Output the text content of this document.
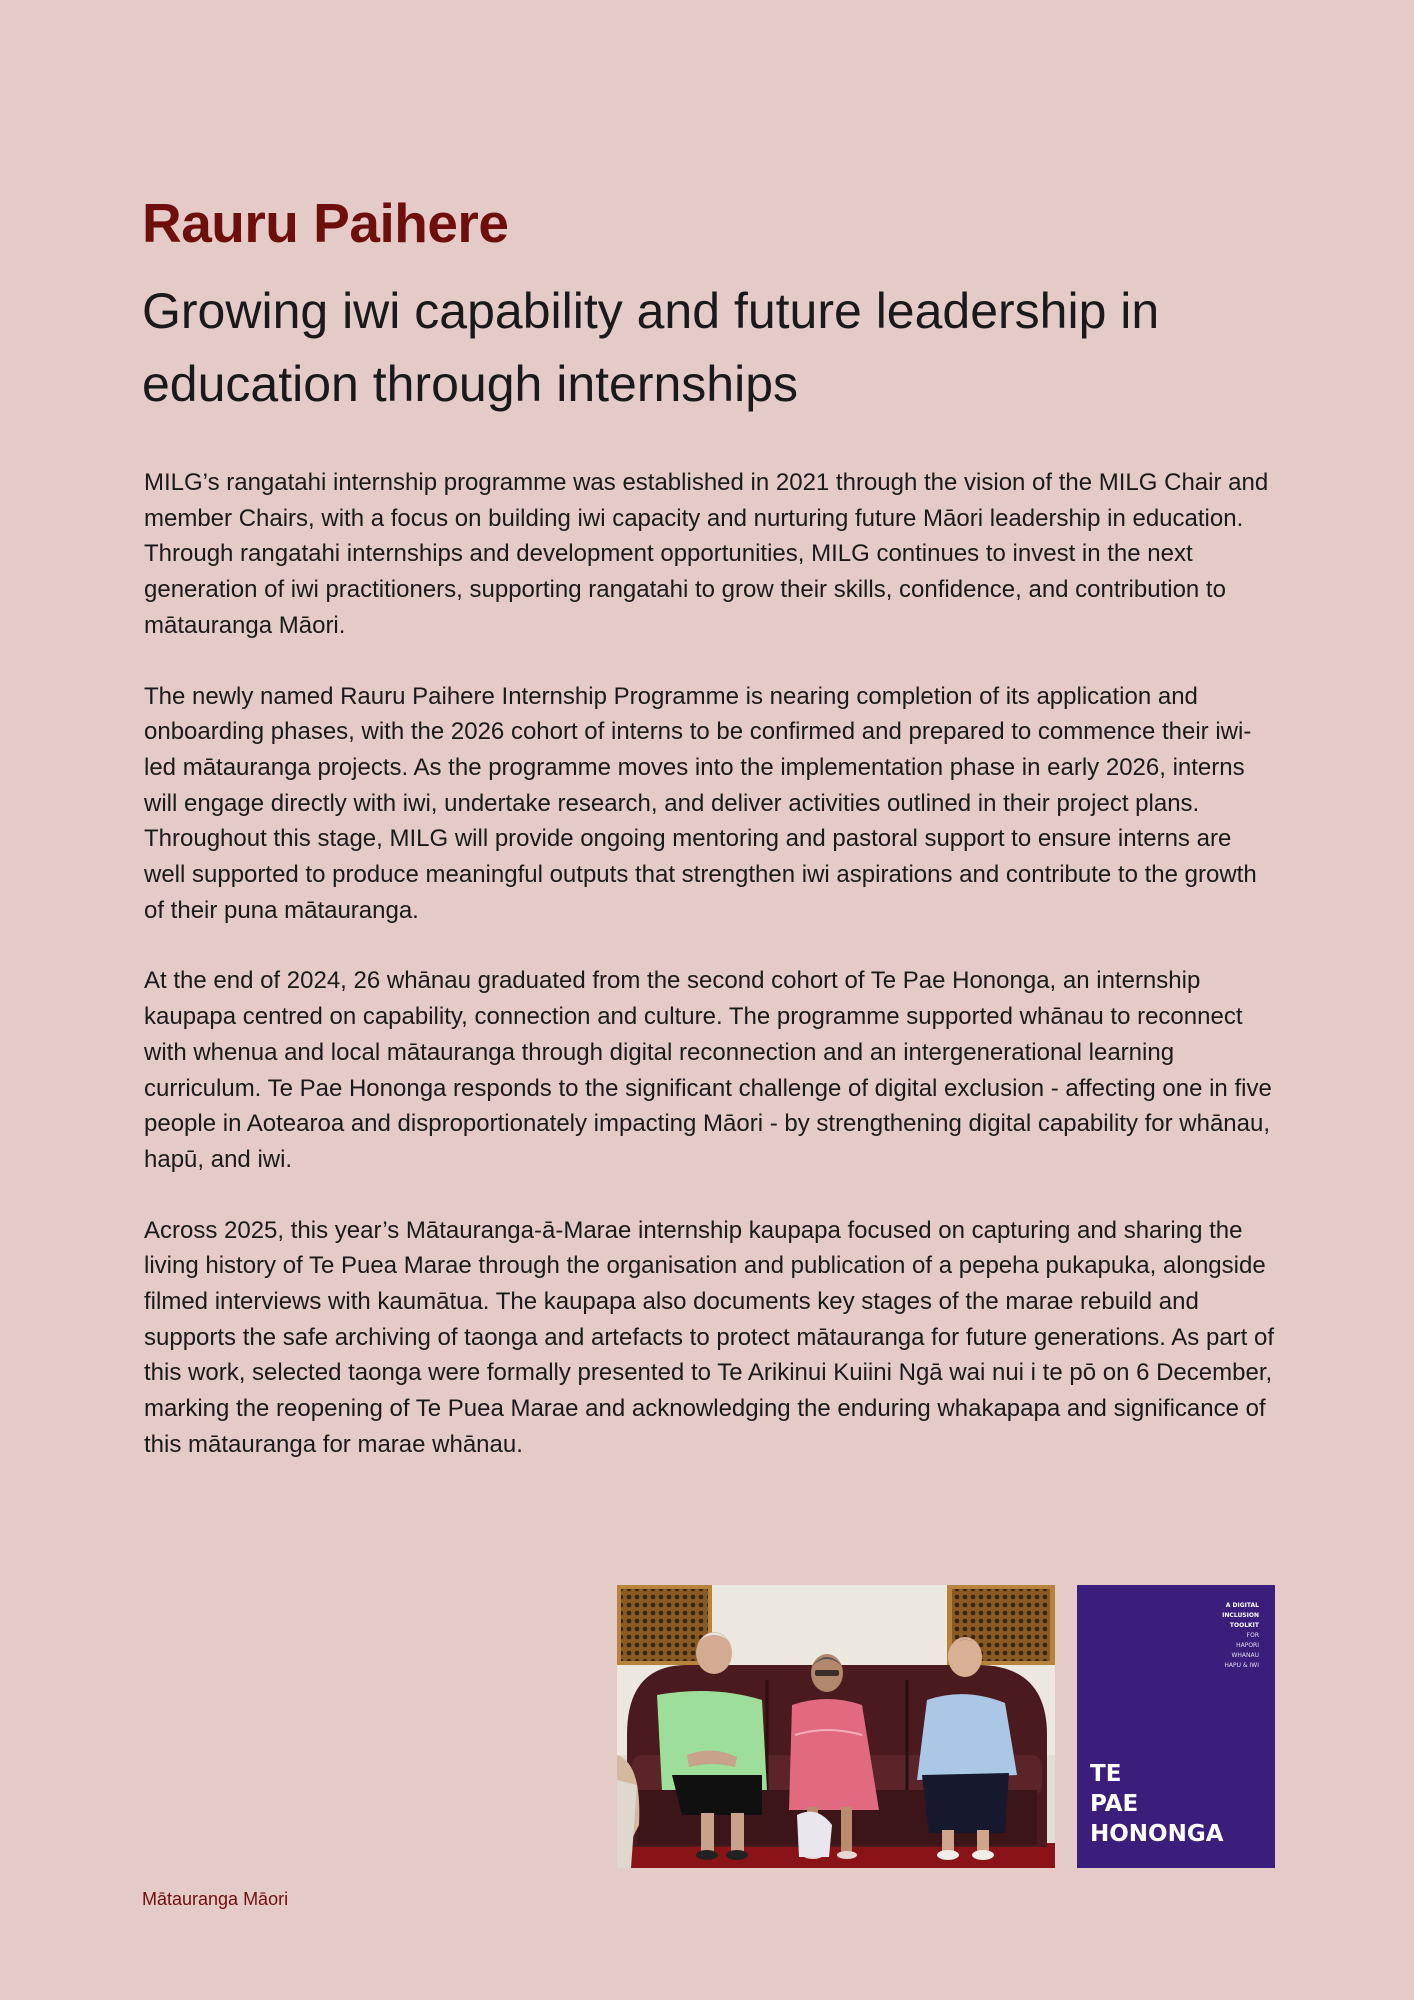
Rauru Paihere
Growing iwi capability and future leadership in education through internships

MILG’s rangatahi internship programme was established in 2021 through the vision of the MILG Chair and member Chairs, with a focus on building iwi capacity and nurturing future Māori leadership in education. Through rangatahi internships and development opportunities, MILG continues to invest in the next generation of iwi practitioners, supporting rangatahi to grow their skills, confidence, and contribution to mātauranga Māori.

The newly named Rauru Paihere Internship Programme is nearing completion of its application and onboarding phases, with the 2026 cohort of interns to be confirmed and prepared to commence their iwi-led mātauranga projects. As the programme moves into the implementation phase in early 2026, interns will engage directly with iwi, undertake research, and deliver activities outlined in their project plans. Throughout this stage, MILG will provide ongoing mentoring and pastoral support to ensure interns are well supported to produce meaningful outputs that strengthen iwi aspirations and contribute to the growth of their puna mātauranga.

At the end of 2024, 26 whānau graduated from the second cohort of Te Pae Hononga, an internship kaupapa centred on capability, connection and culture. The programme supported whānau to reconnect with whenua and local mātauranga through digital reconnection and an intergenerational learning curriculum. Te Pae Hononga responds to the significant challenge of digital exclusion - affecting one in five people in Aotearoa and disproportionately impacting Māori - by strengthening digital capability for whānau, hapū, and iwi.

Across 2025, this year’s Mātauranga-ā-Marae internship kaupapa focused on capturing and sharing the living history of Te Puea Marae through the organisation and publication of a pepeha pukapuka, alongside filmed interviews with kaumātua. The kaupapa also documents key stages of the marae rebuild and supports the safe archiving of taonga and artefacts to protect mātauranga for future generations. As part of this work, selected taonga were formally presented to Te Arikinui Kuiini Ngā wai nui i te pō on 6 December, marking the reopening of Te Puea Marae and acknowledging the enduring whakapapa and significance of this mātauranga for marae whānau.

A DIGITAL
INCLUSION
TOOLKIT
FOR
HAPORI
WHĀNAU
HAPŪ & IWI
TE
PAE
HONONGA

Mātauranga Māori
